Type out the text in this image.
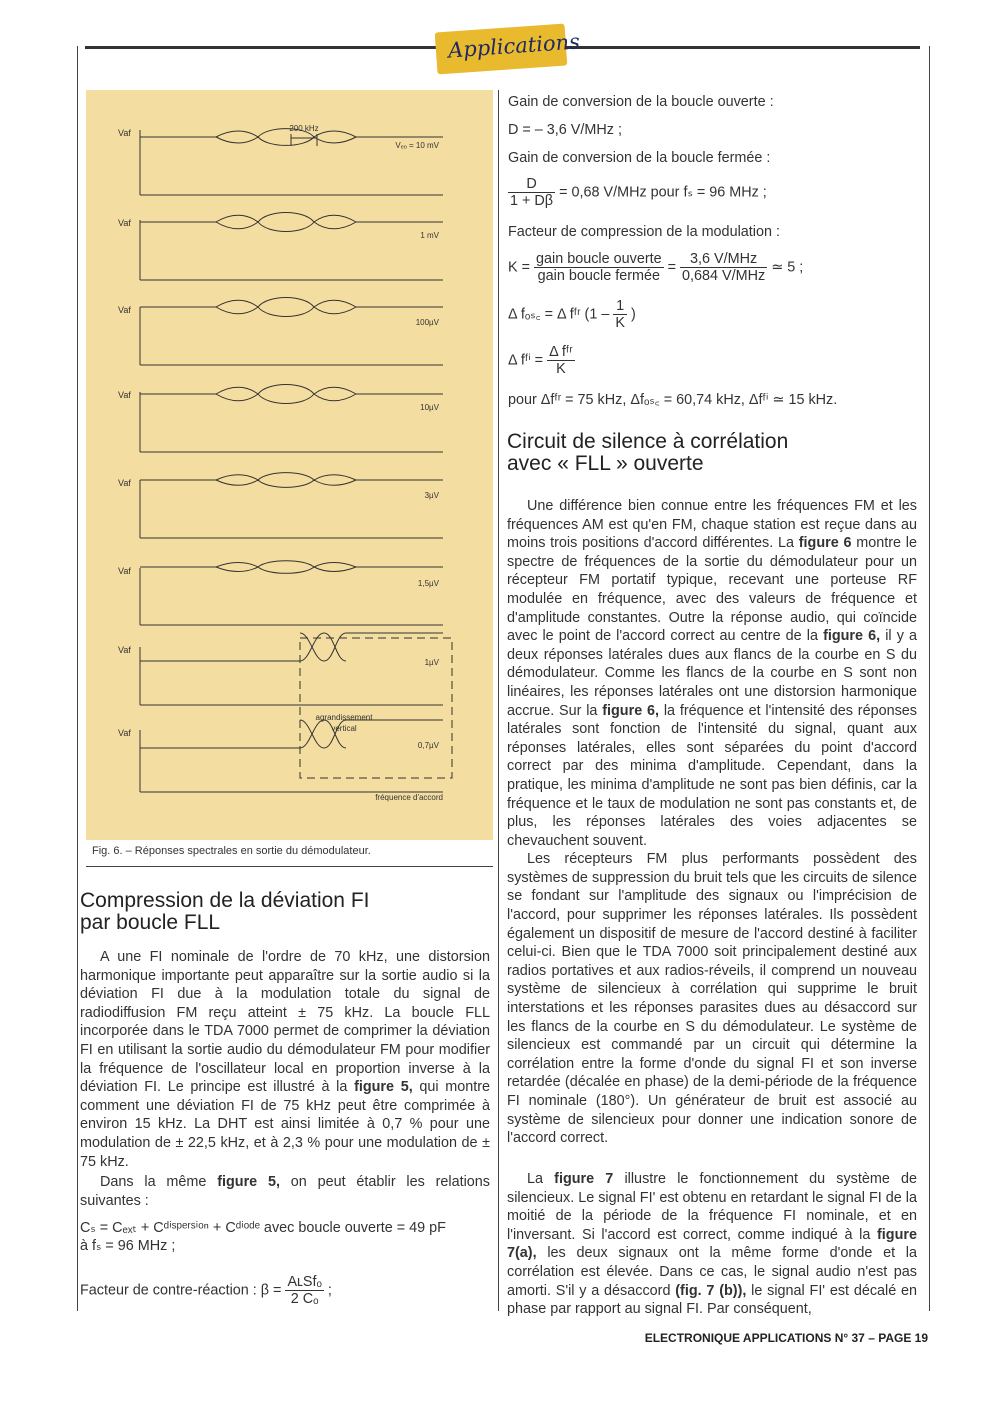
Applications
Vaf
Vₑₒ = 10 mV
Vaf
1 mV
Vaf
100µV
Vaf
10µV
Vaf
3µV
Vaf
1,5µV
Vaf
1µV
Vaf
0,7µV
200 kHz
agrandissement
vertical
fréquence d'accord
Fig. 6. – Réponses spectrales en sortie du démodulateur.
Compression de la déviation FI
par boucle FLL

A une FI nominale de l'ordre de 70 kHz, une distorsion harmonique importante peut apparaître sur la sortie audio si la déviation FI due à la modulation totale du signal de radiodiffusion FM reçu atteint ± 75 kHz. La boucle FLL incorporée dans le TDA 7000 permet de comprimer la déviation FI en utilisant la sortie audio du démodulateur FM pour modifier la fréquence de l'oscillateur local en proportion inverse à la déviation FI. Le principe est illustré à la figure 5, qui montre comment une déviation FI de 75 kHz peut être comprimée à environ 15 kHz. La DHT est ainsi limitée à 0,7 % pour une modulation de ± 22,5 kHz, et à 2,3 % pour une modulation de ± 75 kHz.

Dans la même figure 5, on peut établir les relations suivantes :

Cₛ = Cₑₓₜ + Cᵈⁱˢᵖᵉʳˢⁱᵒⁿ + Cᵈⁱᵒᵈᵉ avec boucle ouverte = 49 pF
à fₛ = 96 MHz ;
Facteur de contre-réaction : $\beta = \frac{\text{AʟSfₒ}}{\text{2 Cₒ}}$ ;
Gain de conversion de la boucle ouverte :
D = – 3,6 V/MHz ;
Gain de conversion de la boucle fermée :
$\frac{D}{1 + D\beta} = 0,68$ V/MHz pour fₛ = 96 MHz ;
Facteur de compression de la modulation :
$K = \frac{\text{gain boucle ouverte}}{\text{gain boucle fermée}} = \frac{\text{3,6 V/MHz}}{\text{0,684 V/MHz}}$ ≃ 5 ;
Δ fₒₛ꜀ = Δ fᶠʳ ($1 - \frac{1}{K}$ )
Δ fᶠⁱ = $\frac{\text{Δ fᶠʳ}}{K}$
pour Δfᶠʳ = 75 kHz, Δfₒₛ꜀ = 60,74 kHz, Δfᶠⁱ ≃ 15 kHz.
Circuit de silence à corrélation
avec « FLL » ouverte

Une différence bien connue entre les fréquences FM et les fréquences AM est qu'en FM, chaque station est reçue dans au moins trois positions d'accord différentes. La figure 6 montre le spectre de fréquences de la sortie du démodulateur pour un récepteur FM portatif typique, recevant une porteuse RF modulée en fréquence, avec des valeurs de fréquence et d'amplitude constantes. Outre la réponse audio, qui coïncide avec le point de l'accord correct au centre de la figure 6, il y a deux réponses latérales dues aux flancs de la courbe en S du démodulateur. Comme les flancs de la courbe en S sont non linéaires, les réponses latérales ont une distorsion harmonique accrue. Sur la figure 6, la fréquence et l'intensité des réponses latérales sont fonction de l'intensité du signal, quant aux réponses latérales, elles sont séparées du point d'accord correct par des minima d'amplitude. Cependant, dans la pratique, les minima d'amplitude ne sont pas bien définis, car la fréquence et le taux de modulation ne sont pas constants et, de plus, les réponses latérales des voies adjacentes se chevauchent souvent.

Les récepteurs FM plus performants possèdent des systèmes de suppression du bruit tels que les circuits de silence se fondant sur l'amplitude des signaux ou l'imprécision de l'accord, pour supprimer les réponses latérales. Ils possèdent également un dispositif de mesure de l'accord destiné à faciliter celui-ci. Bien que le TDA 7000 soit principalement destiné aux radios portatives et aux radios-réveils, il comprend un nouveau système de silencieux à corrélation qui supprime le bruit interstations et les réponses parasites dues au désaccord sur les flancs de la courbe en S du démodulateur. Le système de silencieux est commandé par un circuit qui détermine la corrélation entre la forme d'onde du signal FI et son inverse retardée (décalée en phase) de la demi-période de la fréquence FI nominale (180°). Un générateur de bruit est associé au système de silencieux pour donner une indication sonore de l'accord correct.

La figure 7 illustre le fonctionnement du système de silencieux. Le signal FI' est obtenu en retardant le signal FI de la moitié de la période de la fréquence FI nominale, et en l'inversant. Si l'accord est correct, comme indiqué à la figure 7(a), les deux signaux ont la même forme d'onde et la corrélation est élevée. Dans ce cas, le signal audio n'est pas amorti. S'il y a désaccord (fig. 7 (b)), le signal FI' est décalé en phase par rapport au signal FI. Par conséquent,

ELECTRONIQUE APPLICATIONS N° 37 – PAGE 19
